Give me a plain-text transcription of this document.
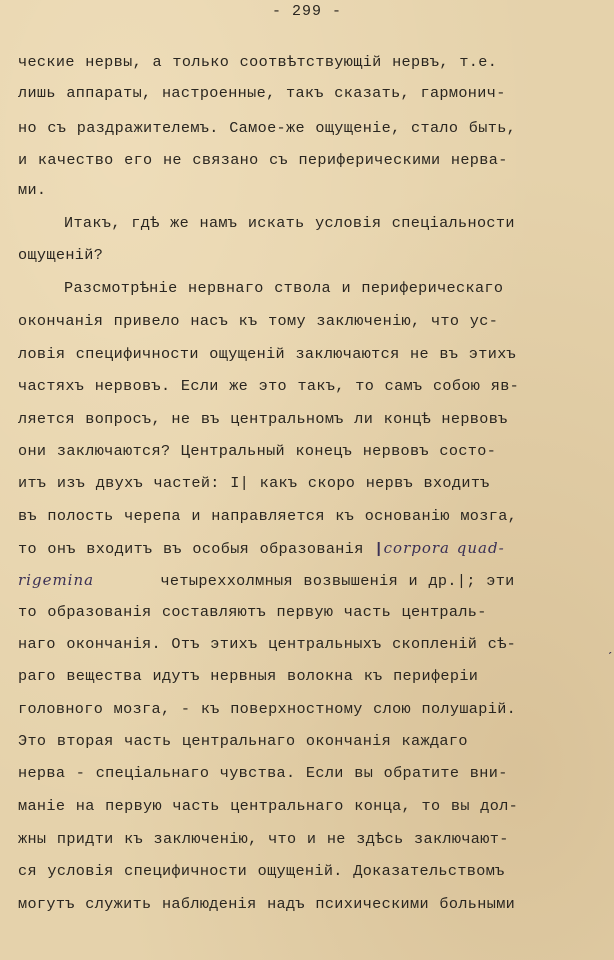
- 299 -
ческие нервы, а только соотвѣтствующiй нервъ, т.е.
лишь аппараты, настроенные, такъ сказать, гармонич-
но съ раздражителемъ. Самое-же ощущенiе, стало быть,
и качество его не связано съ периферическими нерва-
ми.
Итакъ, гдѣ же намъ искать условiя спецiальности
ощущенiй?
Разсмотрѣнiе нервнаго ствола и периферическаго
окончанiя привело насъ къ тому заключенiю, что ус-
ловiя специфичности ощущенiй заключаются не въ этихъ
частяхъ нервовъ. Если же это такъ, то самъ собою яв-
ляется вопросъ, не въ центральномъ ли концѣ нервовъ
они заключаются? Центральный конецъ нервовъ состо-
итъ изъ двухъ частей: I| какъ скоро нервъ входитъ
въ полость черепа и направляется къ основанiю мозга,
то онъ входитъ въ особыя образованiя |corpora quad-
rigemina	четыреххолмныя возвышенiя и др.|; эти
то образованiя составляютъ первую часть централь-
наго окончанiя. Отъ этихъ центральныхъ скопленiй сѣ-
раго вещества идутъ нервныя волокна къ периферiи
головного мозга, - къ поверхностному слою полушарiй.
Это вторая часть центральнаго окончанiя каждаго
нерва - спецiальнаго чувства. Если вы обратите вни-
манiе на первую часть центральнаго конца, то вы дол-
жны придти къ заключенiю, что и не здѣсь заключают-
ся условiя специфичности ощущенiй. Доказательствомъ
могутъ служить наблюденiя надъ психическими больными
ˏ
